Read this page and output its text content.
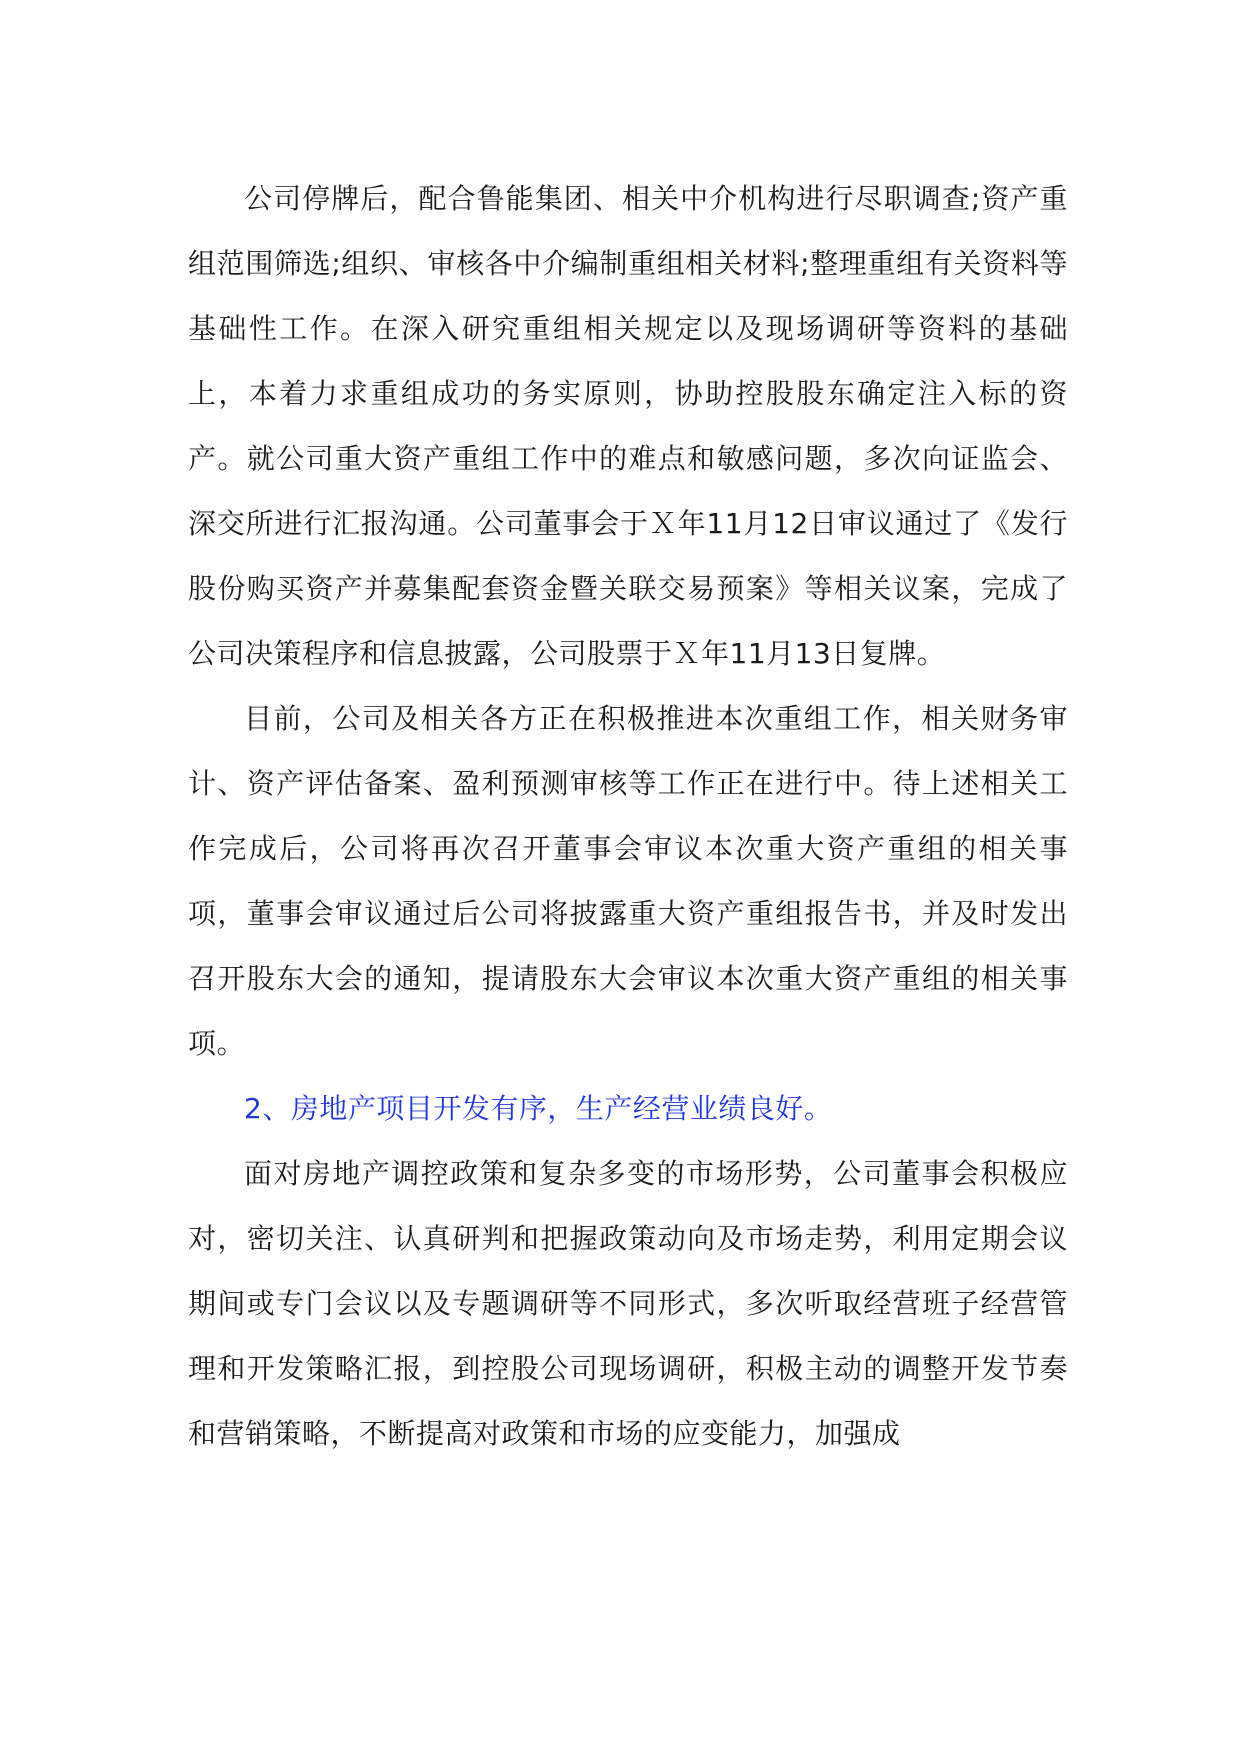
公司停牌后，配合鲁能集团、相关中介机构进行尽职调查;资产重组范围筛选;组织、审核各中介编制重组相关材料;整理重组有关资料等基础性工作。在深入研究重组相关规定以及现场调研等资料的基础上，本着力求重组成功的务实原则，协助控股股东确定注入标的资产。就公司重大资产重组工作中的难点和敏感问题，多次向证监会、深交所进行汇报沟通。公司董事会于Ｘ年11月12日审议通过了《发行股份购买资产并募集配套资金暨关联交易预案》等相关议案，完成了公司决策程序和信息披露，公司股票于Ｘ年11月13日复牌。

目前，公司及相关各方正在积极推进本次重组工作，相关财务审计、资产评估备案、盈利预测审核等工作正在进行中。待上述相关工作完成后，公司将再次召开董事会审议本次重大资产重组的相关事项，董事会审议通过后公司将披露重大资产重组报告书，并及时发出召开股东大会的通知，提请股东大会审议本次重大资产重组的相关事项。

2、房地产项目开发有序，生产经营业绩良好。

面对房地产调控政策和复杂多变的市场形势，公司董事会积极应对，密切关注、认真研判和把握政策动向及市场走势，利用定期会议期间或专门会议以及专题调研等不同形式，多次听取经营班子经营管理和开发策略汇报，到控股公司现场调研，积极主动的调整开发节奏和营销策略，不断提高对政策和市场的应变能力，加强成
